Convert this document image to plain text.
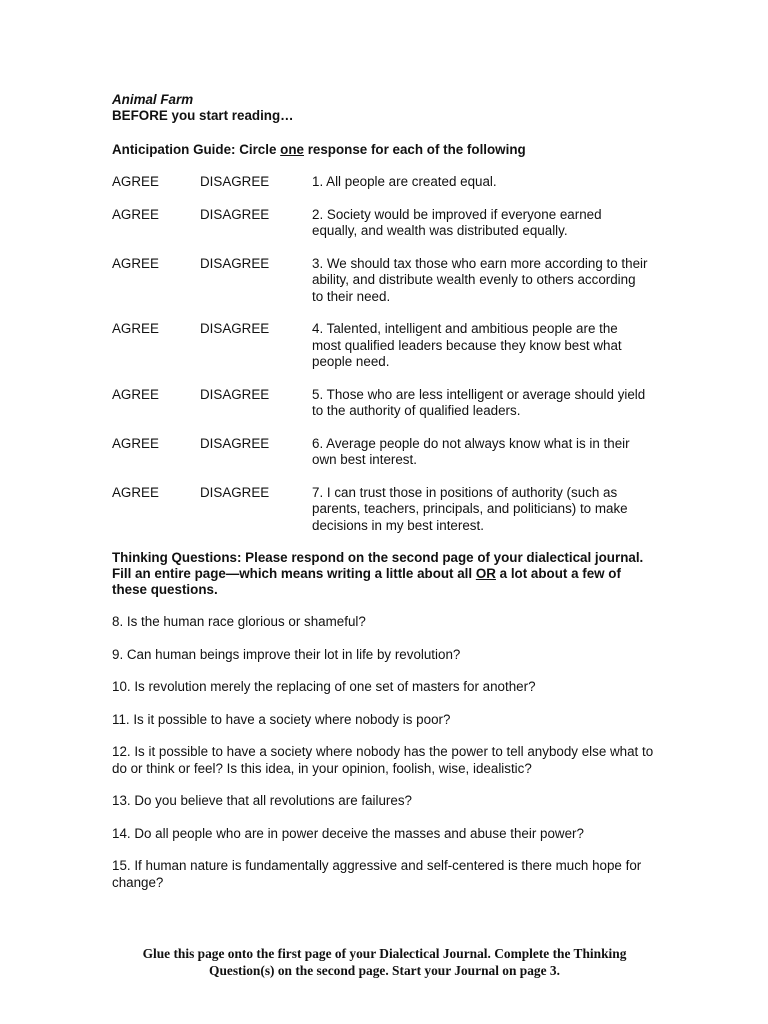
Animal Farm
BEFORE you start reading…
Anticipation Guide: Circle one response for each of the following
AGREE	DISAGREE	1. All people are created equal.
AGREE	DISAGREE	2. Society would be improved if everyone earned equally, and wealth was distributed equally.
AGREE	DISAGREE	3. We should tax those who earn more according to their ability, and distribute wealth evenly to others according to their need.
AGREE	DISAGREE	4. Talented, intelligent and ambitious people are the most qualified leaders because they know best what people need.
AGREE	DISAGREE	5. Those who are less intelligent or average should yield to the authority of qualified leaders.
AGREE	DISAGREE	6. Average people do not always know what is in their own best interest.
AGREE	DISAGREE	7. I can trust those in positions of authority (such as parents, teachers, principals, and politicians) to make decisions in my best interest.
Thinking Questions: Please respond on the second page of your dialectical journal. Fill an entire page—which means writing a little about all OR a lot about a few of these questions.
8. Is the human race glorious or shameful?
9. Can human beings improve their lot in life by revolution?
10. Is revolution merely the replacing of one set of masters for another?
11. Is it possible to have a society where nobody is poor?
12. Is it possible to have a society where nobody has the power to tell anybody else what to do or think or feel? Is this idea, in your opinion, foolish, wise, idealistic?
13. Do you believe that all revolutions are failures?
14. Do all people who are in power deceive the masses and abuse their power?
15. If human nature is fundamentally aggressive and self-centered is there much hope for change?
Glue this page onto the first page of your Dialectical Journal. Complete the Thinking Question(s) on the second page. Start your Journal on page 3.
